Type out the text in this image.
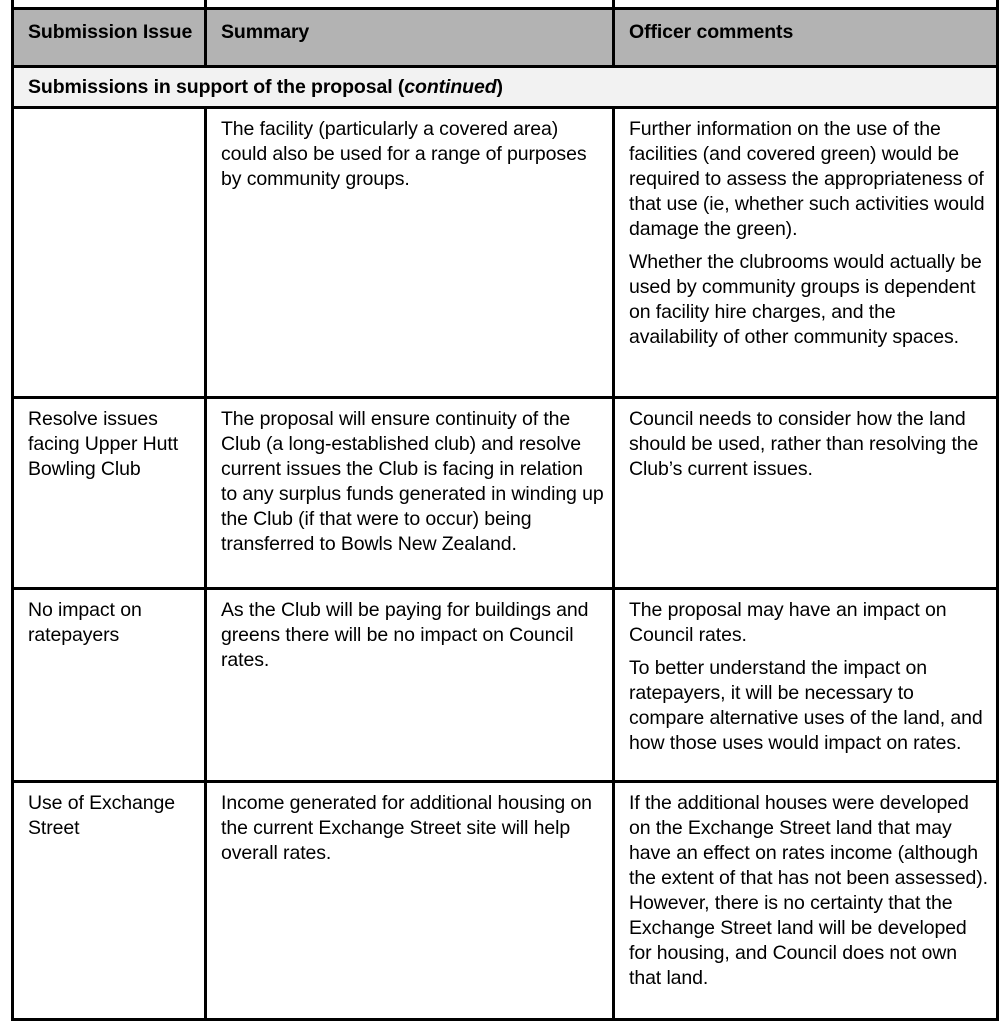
Submission Issue	Summary	Officer comments
Submissions in support of the proposal (continued)		

	The facility (particularly a covered area) could also be used for a range of purposes by community groups.	Further information on the use of the facilities (and covered green) would be required to assess the appropriateness of that use (ie, whether such activities would damage the green).

Whether the clubrooms would actually be used by community groups is dependent on facility hire charges, and the availability of other community spaces.

Resolve issues facing Upper Hutt Bowling Club	The proposal will ensure continuity of the Club (a long-established club) and resolve current issues the Club is facing in relation to any surplus funds generated in winding up the Club (if that were to occur) being transferred to Bowls New Zealand.	Council needs to consider how the land should be used, rather than resolving the Club’s current issues.

No impact on ratepayers	As the Club will be paying for buildings and greens there will be no impact on Council rates.	The proposal may have an impact on Council rates.

To better understand the impact on ratepayers, it will be necessary to compare alternative uses of the land, and how those uses would impact on rates.

Use of Exchange Street	Income generated for additional housing on the current Exchange Street site will help overall rates.	If the additional houses were developed on the Exchange Street land that may have an effect on rates income (although the extent of that has not been assessed). However, there is no certainty that the Exchange Street land will be developed for housing, and Council does not own that land.
